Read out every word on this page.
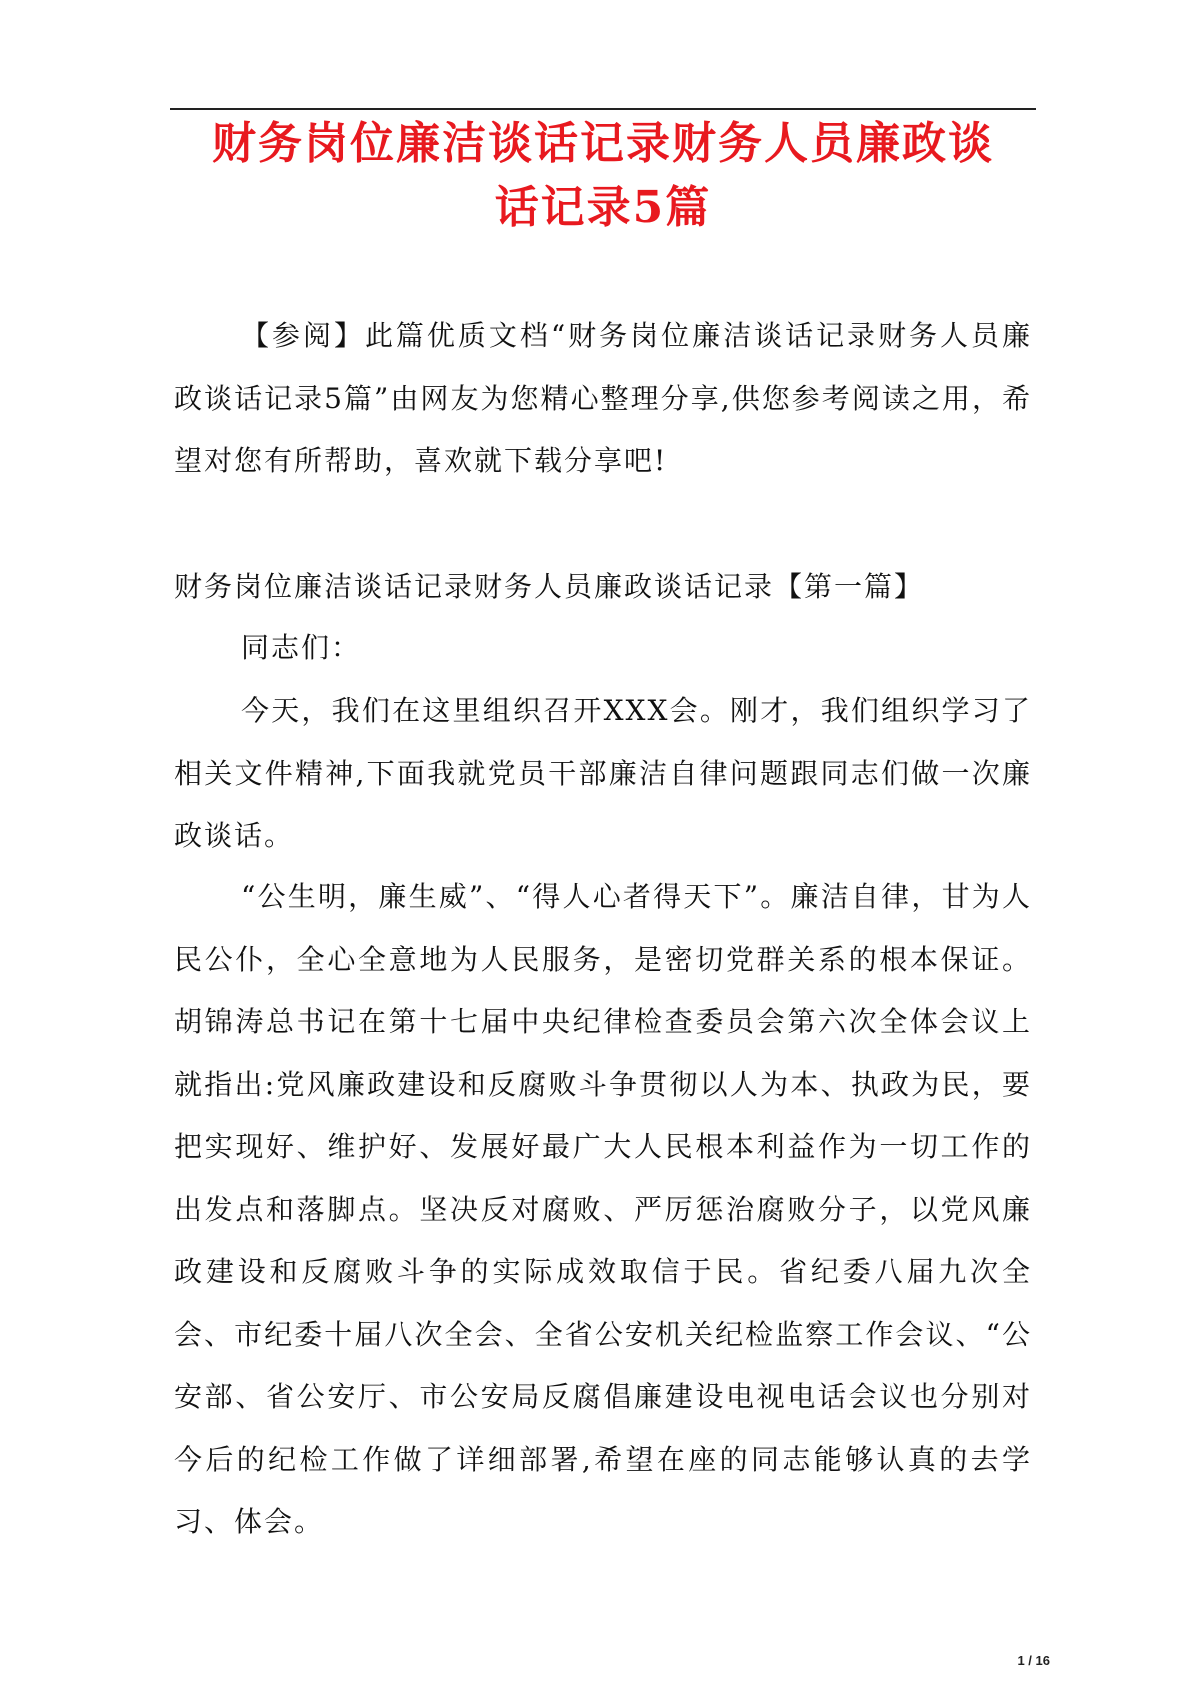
财务岗位廉洁谈话记录财务人员廉政谈
话记录5篇

【参阅】此篇优质文档“财务岗位廉洁谈话记录财务人员廉政谈话记录5篇”由网友为您精心整理分享,供您参考阅读之用，希望对您有所帮助，喜欢就下载分享吧!

财务岗位廉洁谈话记录财务人员廉政谈话记录【第一篇】

同志们：

今天，我们在这里组织召开XXX会。刚才，我们组织学习了相关文件精神,下面我就党员干部廉洁自律问题跟同志们做一次廉政谈话。

“公生明，廉生威”、“得人心者得天下”。廉洁自律，甘为人民公仆，全心全意地为人民服务，是密切党群关系的根本保证。胡锦涛总书记在第十七届中央纪律检查委员会第六次全体会议上就指出:党风廉政建设和反腐败斗争贯彻以人为本、执政为民，要把实现好、维护好、发展好最广大人民根本利益作为一切工作的出发点和落脚点。坚决反对腐败、严厉惩治腐败分子，以党风廉政建设和反腐败斗争的实际成效取信于民。省纪委八届九次全会、市纪委十届八次全会、全省公安机关纪检监察工作会议、“公安部、省公安厅、市公安局反腐倡廉建设电视电话会议也分别对今后的纪检工作做了详细部署,希望在座的同志能够认真的去学习、体会。

1 / 16
